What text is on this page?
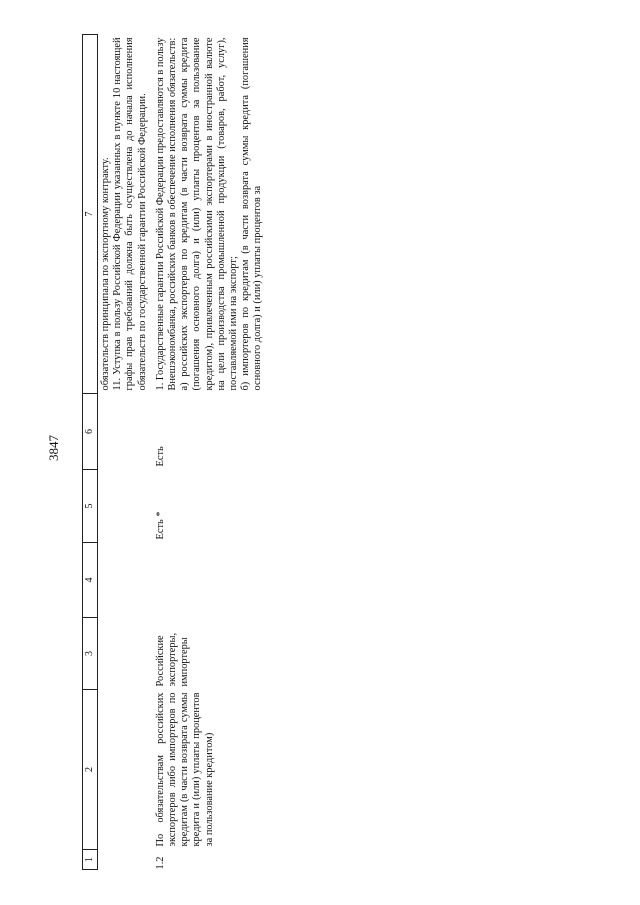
3847
1	2	3	4	5	6	7

						обязательств принципала по экспортному контракту. 11. Уступка в пользу Российской Федерации указанных в пункте 10 настоящей графы прав требований должна быть осуществлена до начала исполнения обязательств по государственной гарантии Российской Федерации.

1.2	По обязательствам российских экспортеров либо импортеров по кредитам (в части возврата суммы кредита и (или) уплаты процентов за пользование кредитом)	Российские экспортеры, импортеры		Есть *	Есть	1. Государственные гарантии Российской Федерации предоставляются в пользу Внешэкономбанка, российских банков в обеспечение исполнения обязательств: а) российских экспортеров по кредитам (в части возврата суммы кредита (погашения основного долга) и (или) уплаты процентов за пользование кредитом), привлеченным российскими экспортерами в иностранной валюте на цели производства промышленной продукции (товаров, работ, услуг), поставляемой ими на экспорт; б) импортеров по кредитам (в части возврата суммы кредита (погашения основного долга) и (или) уплаты процентов за
